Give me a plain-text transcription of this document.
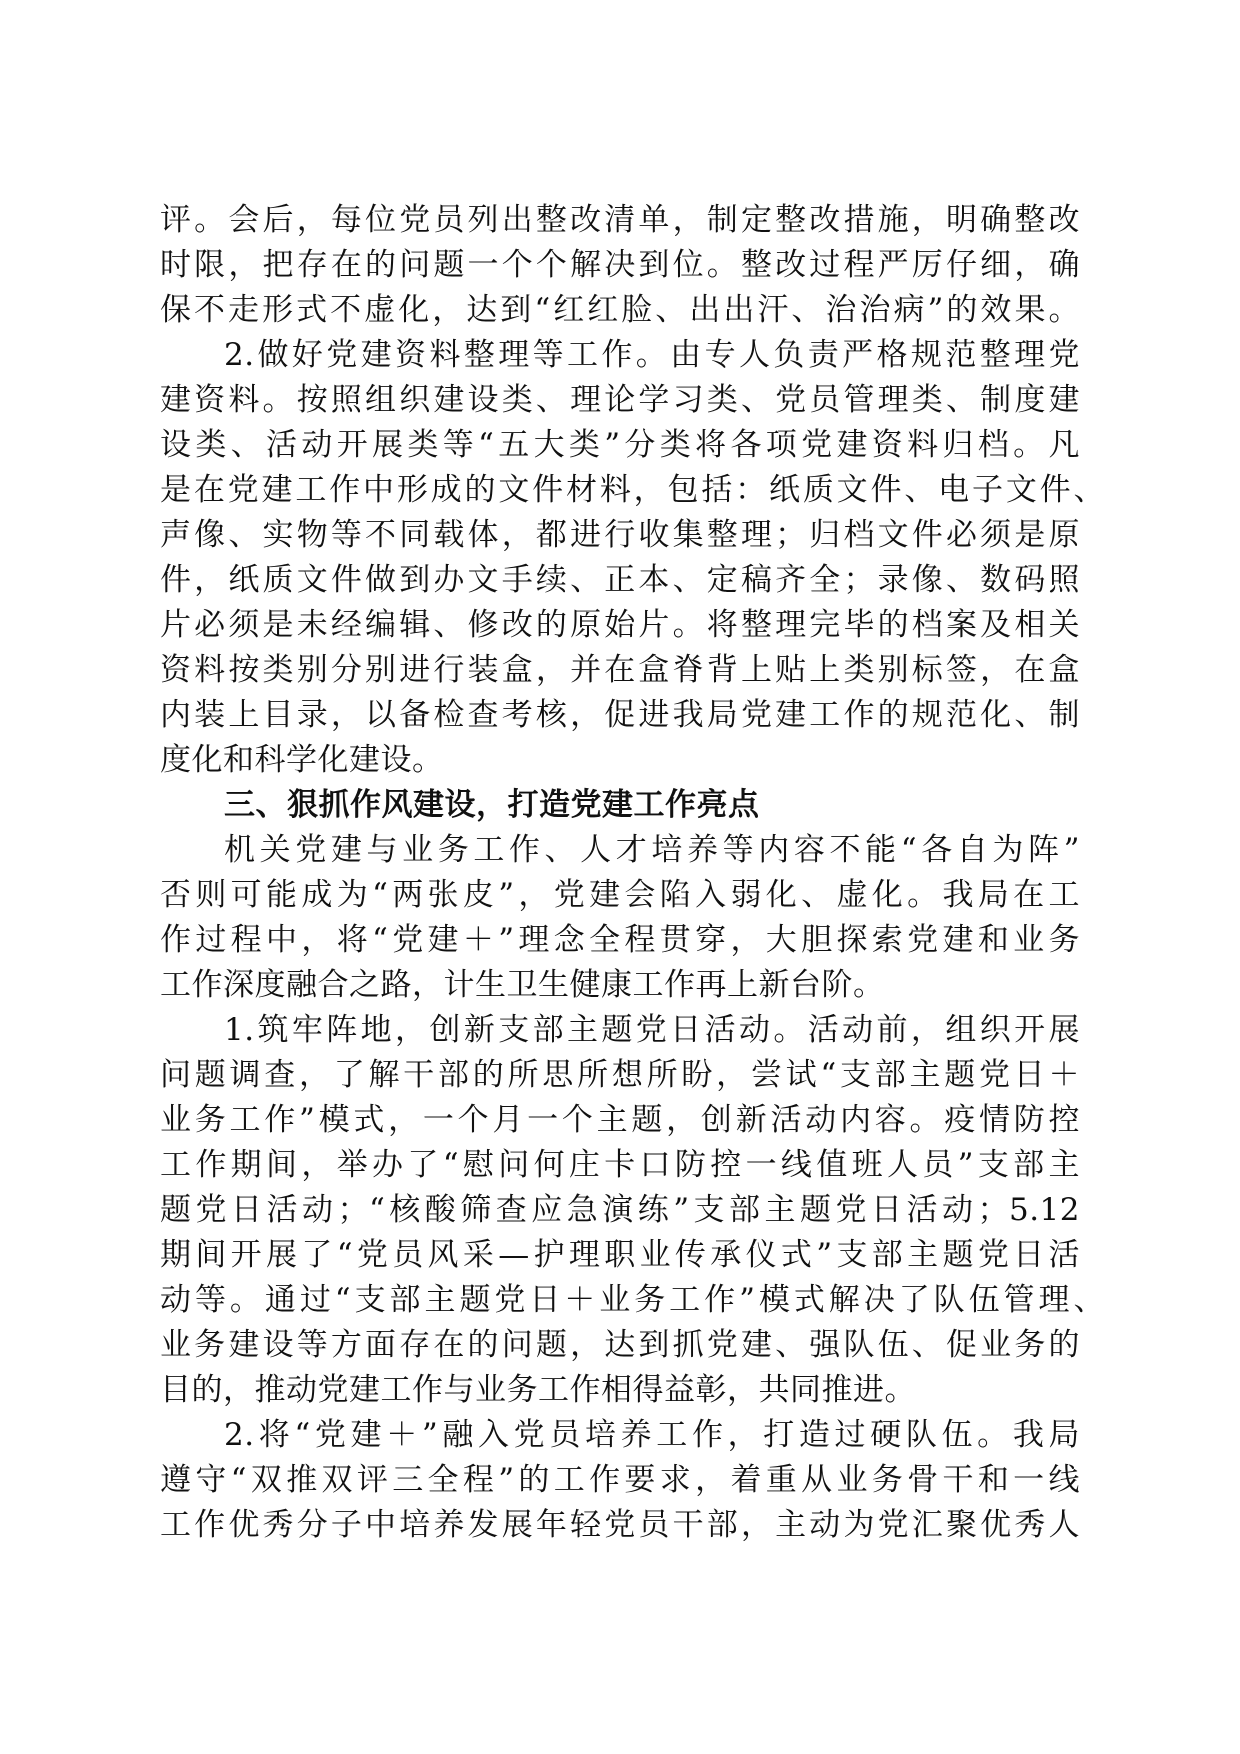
评。会后，每位党员列出整改清单，制定整改措施，明确整改
时限，把存在的问题一个个解决到位。整改过程严厉仔细，确
保不走形式不虚化，达到“红红脸、出出汗、治治病”的效果。
2.做好党建资料整理等工作。由专人负责严格规范整理党
建资料。按照组织建设类、理论学习类、党员管理类、制度建
设类、活动开展类等“五大类”分类将各项党建资料归档。凡
是在党建工作中形成的文件材料，包括：纸质文件、电子文件、
声像、实物等不同载体，都进行收集整理；归档文件必须是原
件，纸质文件做到办文手续、正本、定稿齐全；录像、数码照
片必须是未经编辑、修改的原始片。将整理完毕的档案及相关
资料按类别分别进行装盒，并在盒脊背上贴上类别标签，在盒
内装上目录，以备检查考核，促进我局党建工作的规范化、制
度化和科学化建设。
三、狠抓作风建设，打造党建工作亮点
机关党建与业务工作、人才培养等内容不能“各自为阵”
否则可能成为“两张皮”，党建会陷入弱化、虚化。我局在工
作过程中，将“党建＋”理念全程贯穿，大胆探索党建和业务
工作深度融合之路，计生卫生健康工作再上新台阶。
1.筑牢阵地，创新支部主题党日活动。活动前，组织开展
问题调查，了解干部的所思所想所盼，尝试“支部主题党日＋
业务工作”模式，一个月一个主题，创新活动内容。疫情防控
工作期间，举办了“慰问何庄卡口防控一线值班人员”支部主
题党日活动；“核酸筛查应急演练”支部主题党日活动；5.12
期间开展了“党员风采—护理职业传承仪式”支部主题党日活
动等。通过“支部主题党日＋业务工作”模式解决了队伍管理、
业务建设等方面存在的问题，达到抓党建、强队伍、促业务的
目的，推动党建工作与业务工作相得益彰，共同推进。
2.将“党建＋”融入党员培养工作，打造过硬队伍。我局
遵守“双推双评三全程”的工作要求，着重从业务骨干和一线
工作优秀分子中培养发展年轻党员干部，主动为党汇聚优秀人
